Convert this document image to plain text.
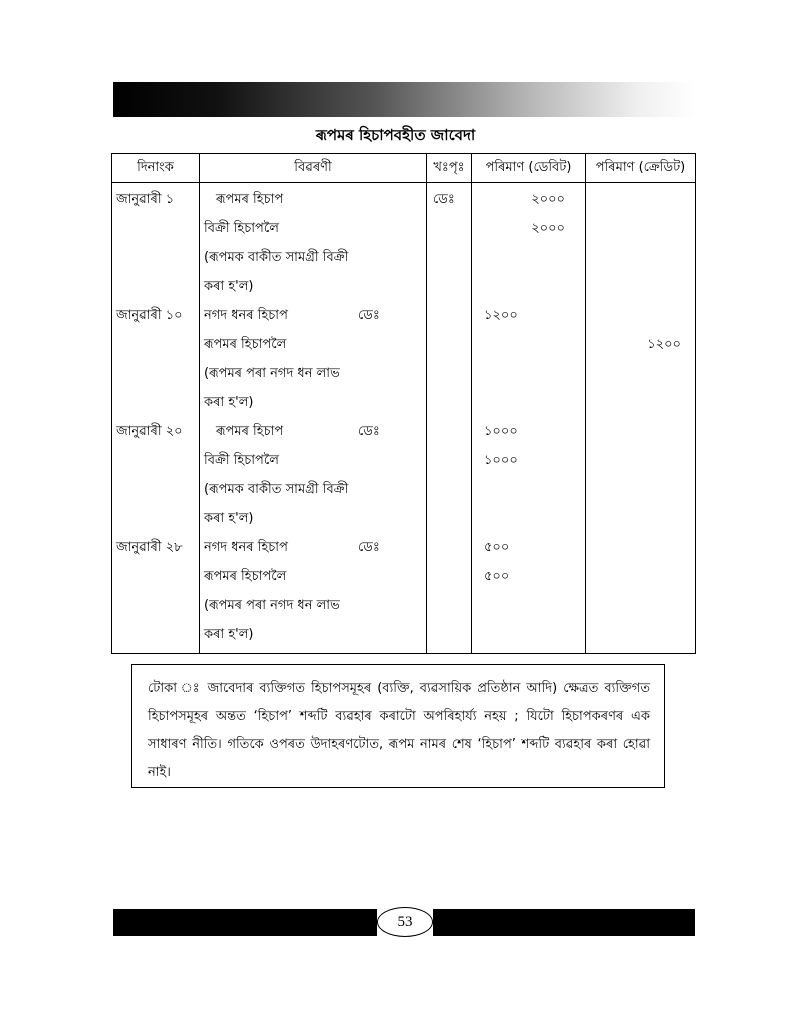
ৰূপমৰ হিচাপবহীত জাবেদা
দিনাংক	বিৱৰণী	খঃপৃঃ	পৰিমাণ (ডেবিট)	পৰিমাণ (ক্ৰেডিট)
জানুৱাৰী ১	ৰূপমৰ হিচাপ	ডেঃ	২০০০	
	বিক্ৰী হিচাপলৈ		২০০০	
	(ৰূপমক বাকীত সামগ্ৰী বিক্ৰী			
	কৰা হ'ল)			
জানুৱাৰী ১০	নগদ ধনৰ হিচাপ ডেঃ		১২০০	
	ৰূপমৰ হিচাপলৈ			১২০০
	(ৰূপমৰ পৰা নগদ ধন লাভ			
	কৰা হ'ল)			
জানুৱাৰী ২০	ৰূপমৰ হিচাপ ডেঃ		১০০০	
	বিক্ৰী হিচাপলৈ		১০০০	
	(ৰূপমক বাকীত সামগ্ৰী বিক্ৰী			
	কৰা হ'ল)			
জানুৱাৰী ২৮	নগদ ধনৰ হিচাপ ডেঃ		৫০০	
	ৰূপমৰ হিচাপলৈ		৫০০	
	(ৰূপমৰ পৰা নগদ ধন লাভ			
	কৰা হ'ল)			
টোকা ঃ জাবেদাৰ ব্যক্তিগত হিচাপসমূহৰ (ব্যক্তি, ব্যৱসায়িক প্ৰতিষ্ঠান আদি) ক্ষেত্ৰত ব্যক্তিগত হিচাপসমূহৰ অন্তত ‘হিচাপ’ শব্দটি ব্যৱহাৰ কৰাটো অপৰিহাৰ্য্য নহয় ; যিটো হিচাপকৰণৰ এক সাধাৰণ নীতি। গতিকে ওপৰত উদাহৰণটোত, ৰূপম নামৰ শেষ ‘হিচাপ’ শব্দটি ব্যৱহাৰ কৰা হোৱা নাই।
53
